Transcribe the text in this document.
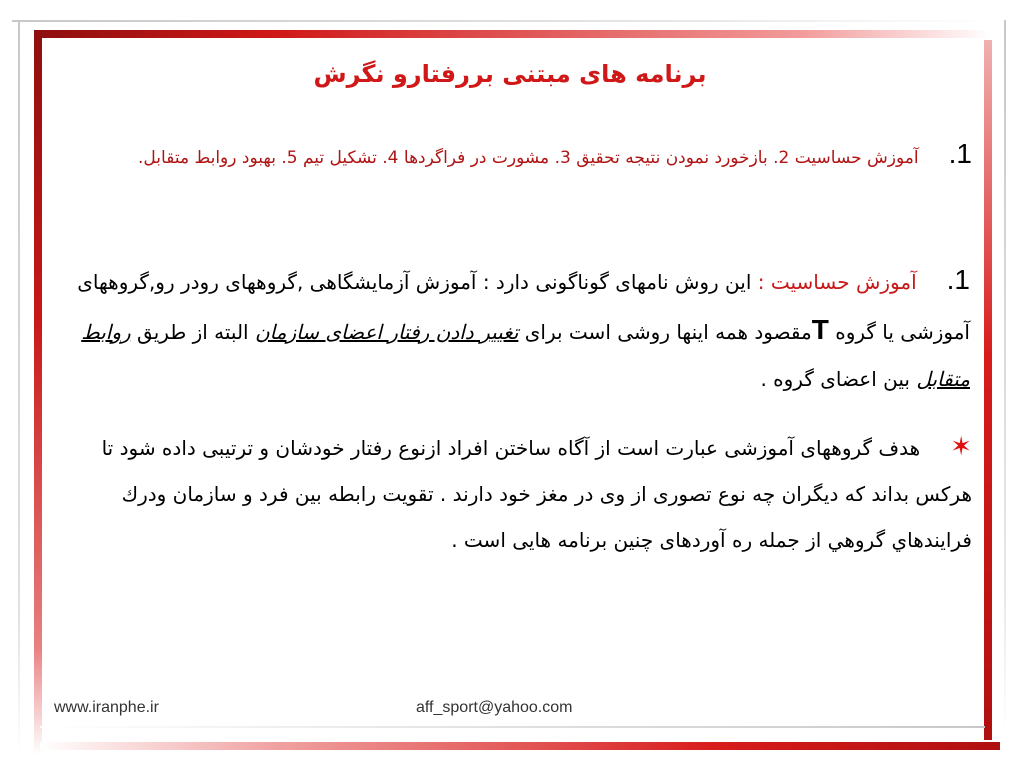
برنامه های مبتنی بررفتارو نگرش
1.آموزش حساسیت 2. بازخورد نمودن نتیجه تحقیق 3. مشورت در فراگردها 4. تشکیل تیم 5. بهبود روابط متقابل.
1.آموزش حساسیت : این روش نامهای گوناگونی دارد : آموزش آزمایشگاهی ,گروههای رودر رو,گروههای آموزشی یا گروه Tمقصود همه اینها روشی است برای تغییر دادن رفتار اعضای سازمان البته از طریق روابط متقابل بین اعضای گروه .
✶هدف گروههای آموزشی عبارت است از آگاه ساختن افراد ازنوع رفتار خودشان و ترتیبی داده شود تا هرکس بداند که دیگران چه نوع تصوری از وی در مغز خود دارند . تقویت رابطه بین فرد و سازمان ودرك فرايندهاي گروهي از جمله ره آوردهای چنین برنامه هایی است .
www.iranphe.ir	aff_sport@yahoo.com
